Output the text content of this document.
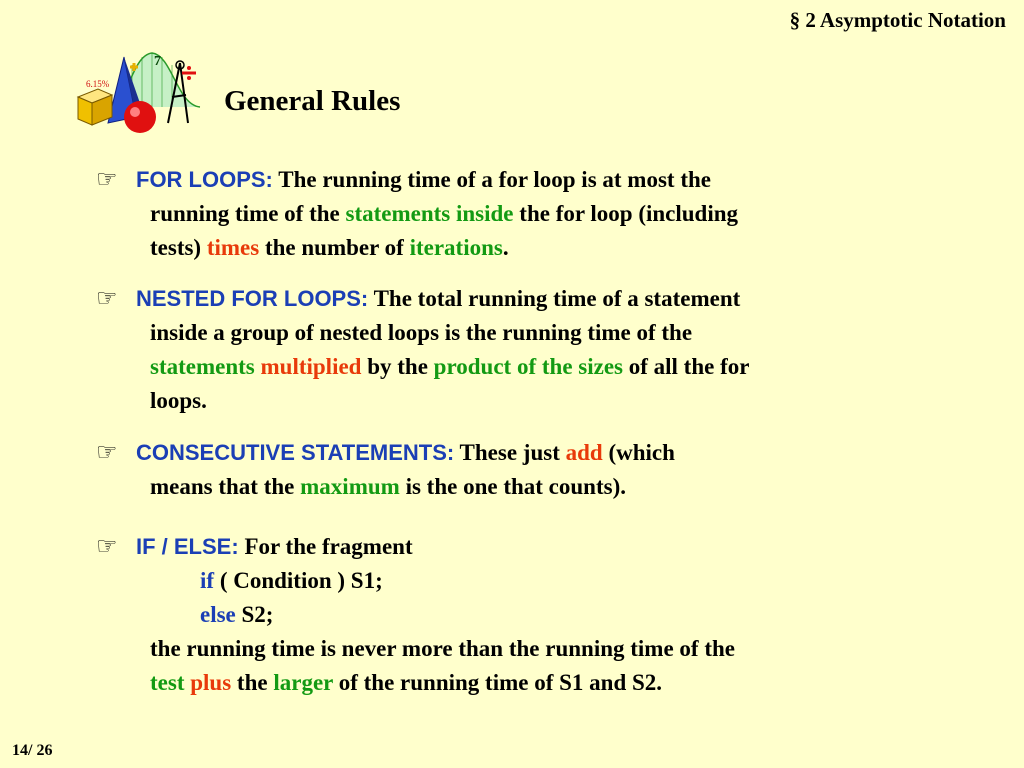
§ 2 Asymptotic Notation
6.15%
7
General Rules
☞ FOR LOOPS: The running time of a for loop is at most the
running time of the statements inside the for loop (including
tests) times the number of iterations.
☞ NESTED FOR LOOPS: The total running time of a statement
inside a group of nested loops is the running time of the
statements multiplied by the product of the sizes of all the for
loops.
☞ CONSECUTIVE STATEMENTS: These just add (which
means that the maximum is the one that counts).
☞ IF / ELSE: For the fragment
if ( Condition ) S1;
else S2;
the running time is never more than the running time of the
test plus the larger of the running time of S1 and S2.
14/ 26
